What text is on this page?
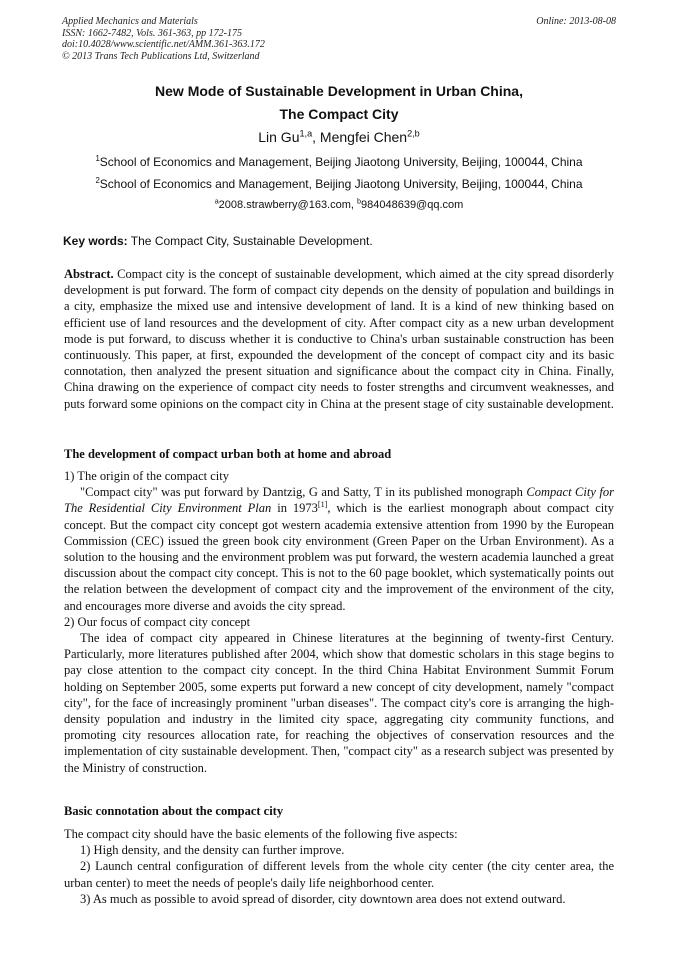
Applied Mechanics and Materials
ISSN: 1662-7482, Vols. 361-363, pp 172-175
doi:10.4028/www.scientific.net/AMM.361-363.172
© 2013 Trans Tech Publications Ltd, Switzerland
Online: 2013-08-08
New Mode of Sustainable Development in Urban China,
The Compact City
Lin Gu$^{1,a}$, Mengfei Chen$^{2,b}$
$^1$School of Economics and Management, Beijing Jiaotong University, Beijing, 100044, China
$^2$School of Economics and Management, Beijing Jiaotong University, Beijing, 100044, China
$^a$2008.strawberry@163.com, $^b$984048639@qq.com
Key words: The Compact City, Sustainable Development.

Abstract. Compact city is the concept of sustainable development, which aimed at the city spread disorderly development is put forward. The form of compact city depends on the density of population and buildings in a city, emphasize the mixed use and intensive development of land. It is a kind of new thinking based on efficient use of land resources and the development of city. After compact city as a new urban development mode is put forward, to discuss whether it is conductive to China's urban sustainable construction has been continuously. This paper, at first, expounded the development of the concept of compact city and its basic connotation, then analyzed the present situation and significance about the compact city in China. Finally, China drawing on the experience of compact city needs to foster strengths and circumvent weaknesses, and puts forward some opinions on the compact city in China at the present stage of city sustainable development.

The development of compact urban both at home and abroad

1) The origin of the compact city

"Compact city" was put forward by Dantzig, G and Satty, T in its published monograph Compact City for The Residential City Environment Plan in 1973[1], which is the earliest monograph about compact city concept. But the compact city concept got western academia extensive attention from 1990 by the European Commission (CEC) issued the green book city environment (Green Paper on the Urban Environment). As a solution to the housing and the environment problem was put forward, the western academia launched a great discussion about the compact city concept. This is not to the 60 page booklet, which systematically points out the relation between the development of compact city and the improvement of the environment of the city, and encourages more diverse and avoids the city spread.

2) Our focus of compact city concept

The idea of compact city appeared in Chinese literatures at the beginning of twenty-first Century. Particularly, more literatures published after 2004, which show that domestic scholars in this stage begins to pay close attention to the compact city concept. In the third China Habitat Environment Summit Forum holding on September 2005, some experts put forward a new concept of city development, namely "compact city", for the face of increasingly prominent "urban diseases". The compact city's core is arranging the high-density population and industry in the limited city space, aggregating city community functions, and promoting city resources allocation rate, for reaching the objectives of conservation resources and the implementation of city sustainable development. Then, "compact city" as a research subject was presented by the Ministry of construction.

Basic connotation about the compact city

The compact city should have the basic elements of the following five aspects:

1) High density, and the density can further improve.

2) Launch central configuration of different levels from the whole city center (the city center area, the urban center) to meet the needs of people's daily life neighborhood center.

3) As much as possible to avoid spread of disorder, city downtown area does not extend outward.
